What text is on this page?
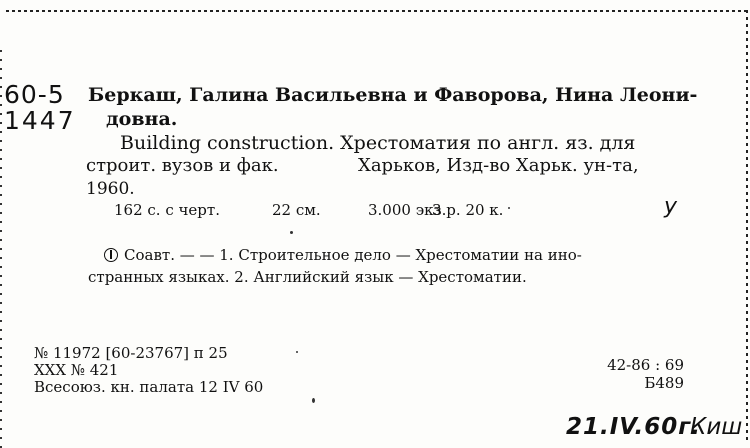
60-5
1447
Беркаш, Галина Васильевна и Фаворова, Нина Леони-
довна.
Building construction. Хрестоматия по англ. яз. для
строит. вузов и фак.	Харьков, Изд-во Харьк. ун-та,
1960.
162 с. с черт.	22 см.	3.000 экз.
3 р. 20 к.	у
Соавт. — — 1. Строительное дело — Хрестоматии на ино-
странных языках. 2. Английский язык — Хрестоматии.
№ 11972 [60-23767] п 25
XXX № 421
Всесоюз. кн. палата 12 IV 60
42-86 : 69
Б489
21.IV.60г.
Киш
